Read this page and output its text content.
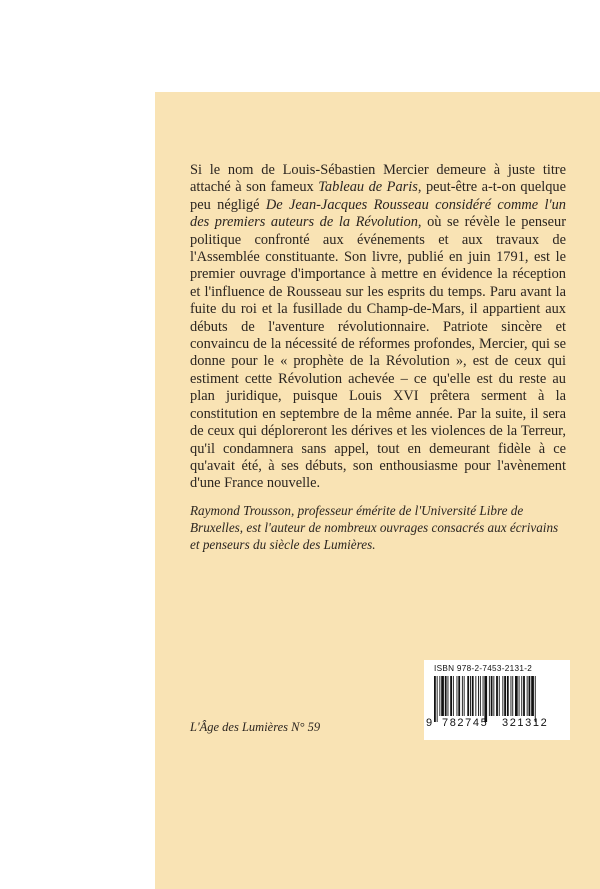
Si le nom de Louis-Sébastien Mercier demeure à juste titre attaché à son fameux Tableau de Paris, peut-être a-t-on quelque peu négligé De Jean-Jacques Rousseau considéré comme l'un des premiers auteurs de la Révolution, où se révèle le penseur politique confronté aux événements et aux travaux de l'Assemblée constituante. Son livre, publié en juin 1791, est le premier ouvrage d'importance à mettre en évidence la réception et l'influence de Rousseau sur les esprits du temps. Paru avant la fuite du roi et la fusillade du Champ-de-Mars, il appartient aux débuts de l'aventure révolutionnaire. Patriote sincère et convaincu de la nécessité de réformes profondes, Mercier, qui se donne pour le « prophète de la Révolution », est de ceux qui estiment cette Révolution achevée – ce qu'elle est du reste au plan juridique, puisque Louis XVI prêtera serment à la constitution en septembre de la même année. Par la suite, il sera de ceux qui déploreront les dérives et les violences de la Terreur, qu'il condamnera sans appel, tout en demeurant fidèle à ce qu'avait été, à ses débuts, son enthousiasme pour l'avènement d'une France nouvelle.

Raymond Trousson, professeur émérite de l'Université Libre de Bruxelles, est l'auteur de nombreux ouvrages consacrés aux écrivains et penseurs du siècle des Lumières.

L'Âge des Lumières N° 59
ISBN 978-2-7453-2131-2
9 782745 321312
